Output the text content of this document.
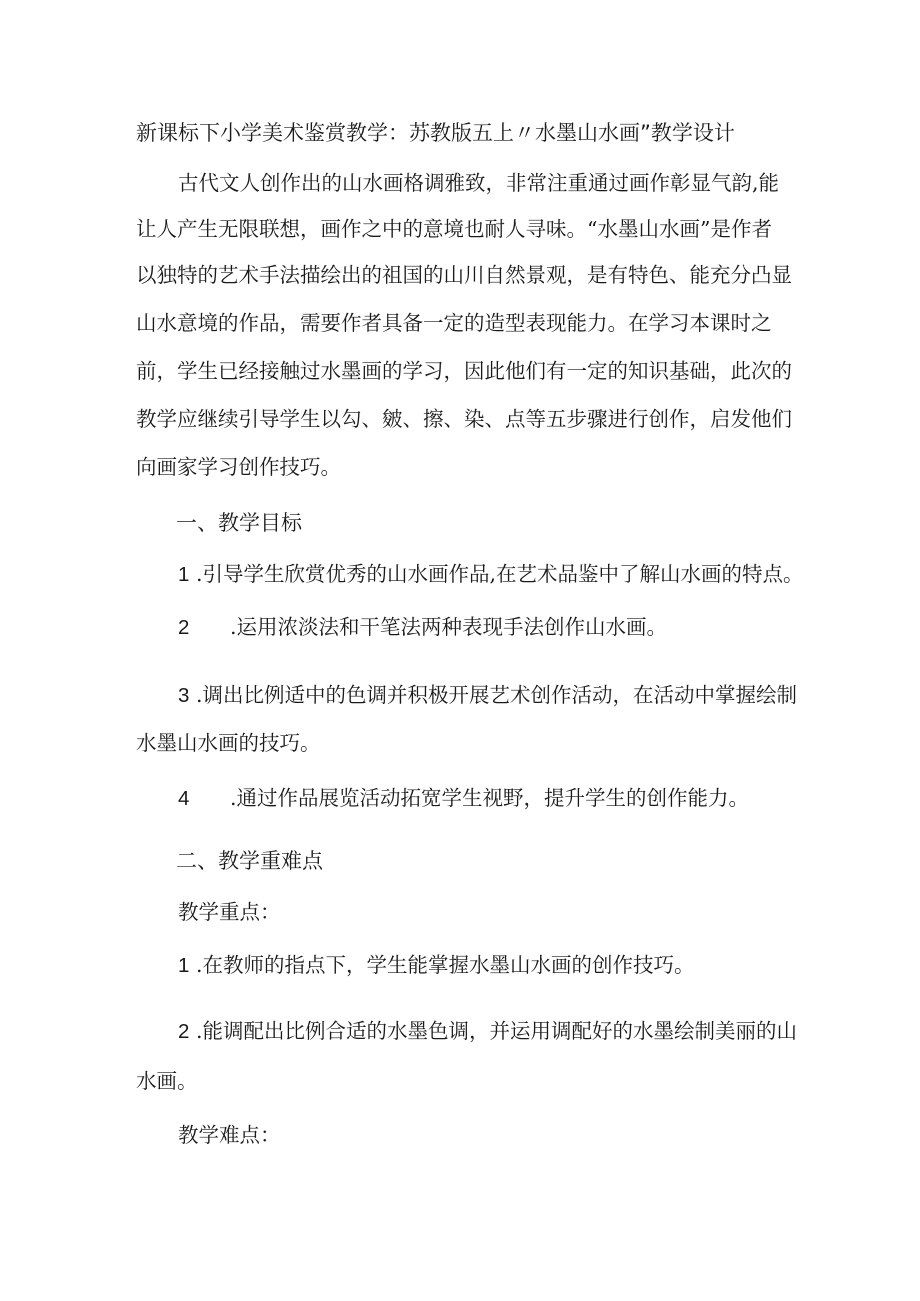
新课标下小学美术鉴赏教学：苏教版五上〃水墨山水画”教学设计
古代文人创作出的山水画格调雅致，非常注重通过画作彰显气韵,能
让人产生无限联想，画作之中的意境也耐人寻味。“水墨山水画”是作者
以独特的艺术手法描绘出的祖国的山川自然景观，是有特色、能充分凸显
山水意境的作品，需要作者具备一定的造型表现能力。在学习本课时之
前，学生已经接触过水墨画的学习，因此他们有一定的知识基础，此次的
教学应继续引导学生以勾、皴、擦、染、点等五步骤进行创作，启发他们
向画家学习创作技巧。
一、教学目标
1 .引导学生欣赏优秀的山水画作品,在艺术品鉴中了解山水画的特点。
2 .运用浓淡法和干笔法两种表现手法创作山水画。
3 .调出比例适中的色调并积极开展艺术创作活动，在活动中掌握绘制
水墨山水画的技巧。
4 .通过作品展览活动拓宽学生视野，提升学生的创作能力。
二、教学重难点
教学重点：
1 .在教师的指点下，学生能掌握水墨山水画的创作技巧。
2 .能调配出比例合适的水墨色调，并运用调配好的水墨绘制美丽的山
水画。
教学难点：
